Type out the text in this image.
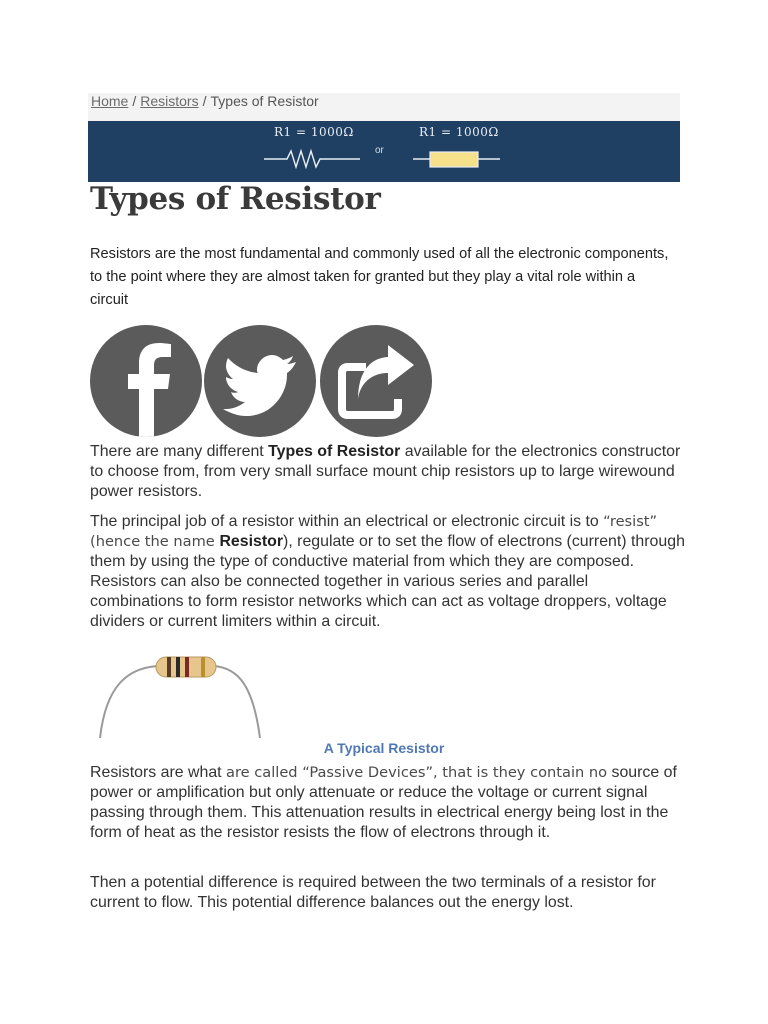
Home / Resistors / Types of Resistor
R1 = 1000Ω	R1 = 1000Ω
or
Types of Resistor

Resistors are the most fundamental and commonly used of all the electronic components, to the point where they are almost taken for granted but they play a vital role within a circuit

There are many different Types of Resistor available for the electronics constructor to choose from, from very small surface mount chip resistors up to large wirewound power resistors.

The principal job of a resistor within an electrical or electronic circuit is to “resist” (hence the name Resistor), regulate or to set the flow of electrons (current) through them by using the type of conductive material from which they are composed. Resistors can also be connected together in various series and parallel combinations to form resistor networks which can act as voltage droppers, voltage dividers or current limiters within a circuit.

A Typical Resistor

Resistors are what are called “Passive Devices”, that is they contain no source of power or amplification but only attenuate or reduce the voltage or current signal passing through them. This attenuation results in electrical energy being lost in the form of heat as the resistor resists the flow of electrons through it.

Then a potential difference is required between the two terminals of a resistor for current to flow. This potential difference balances out the energy lost.
